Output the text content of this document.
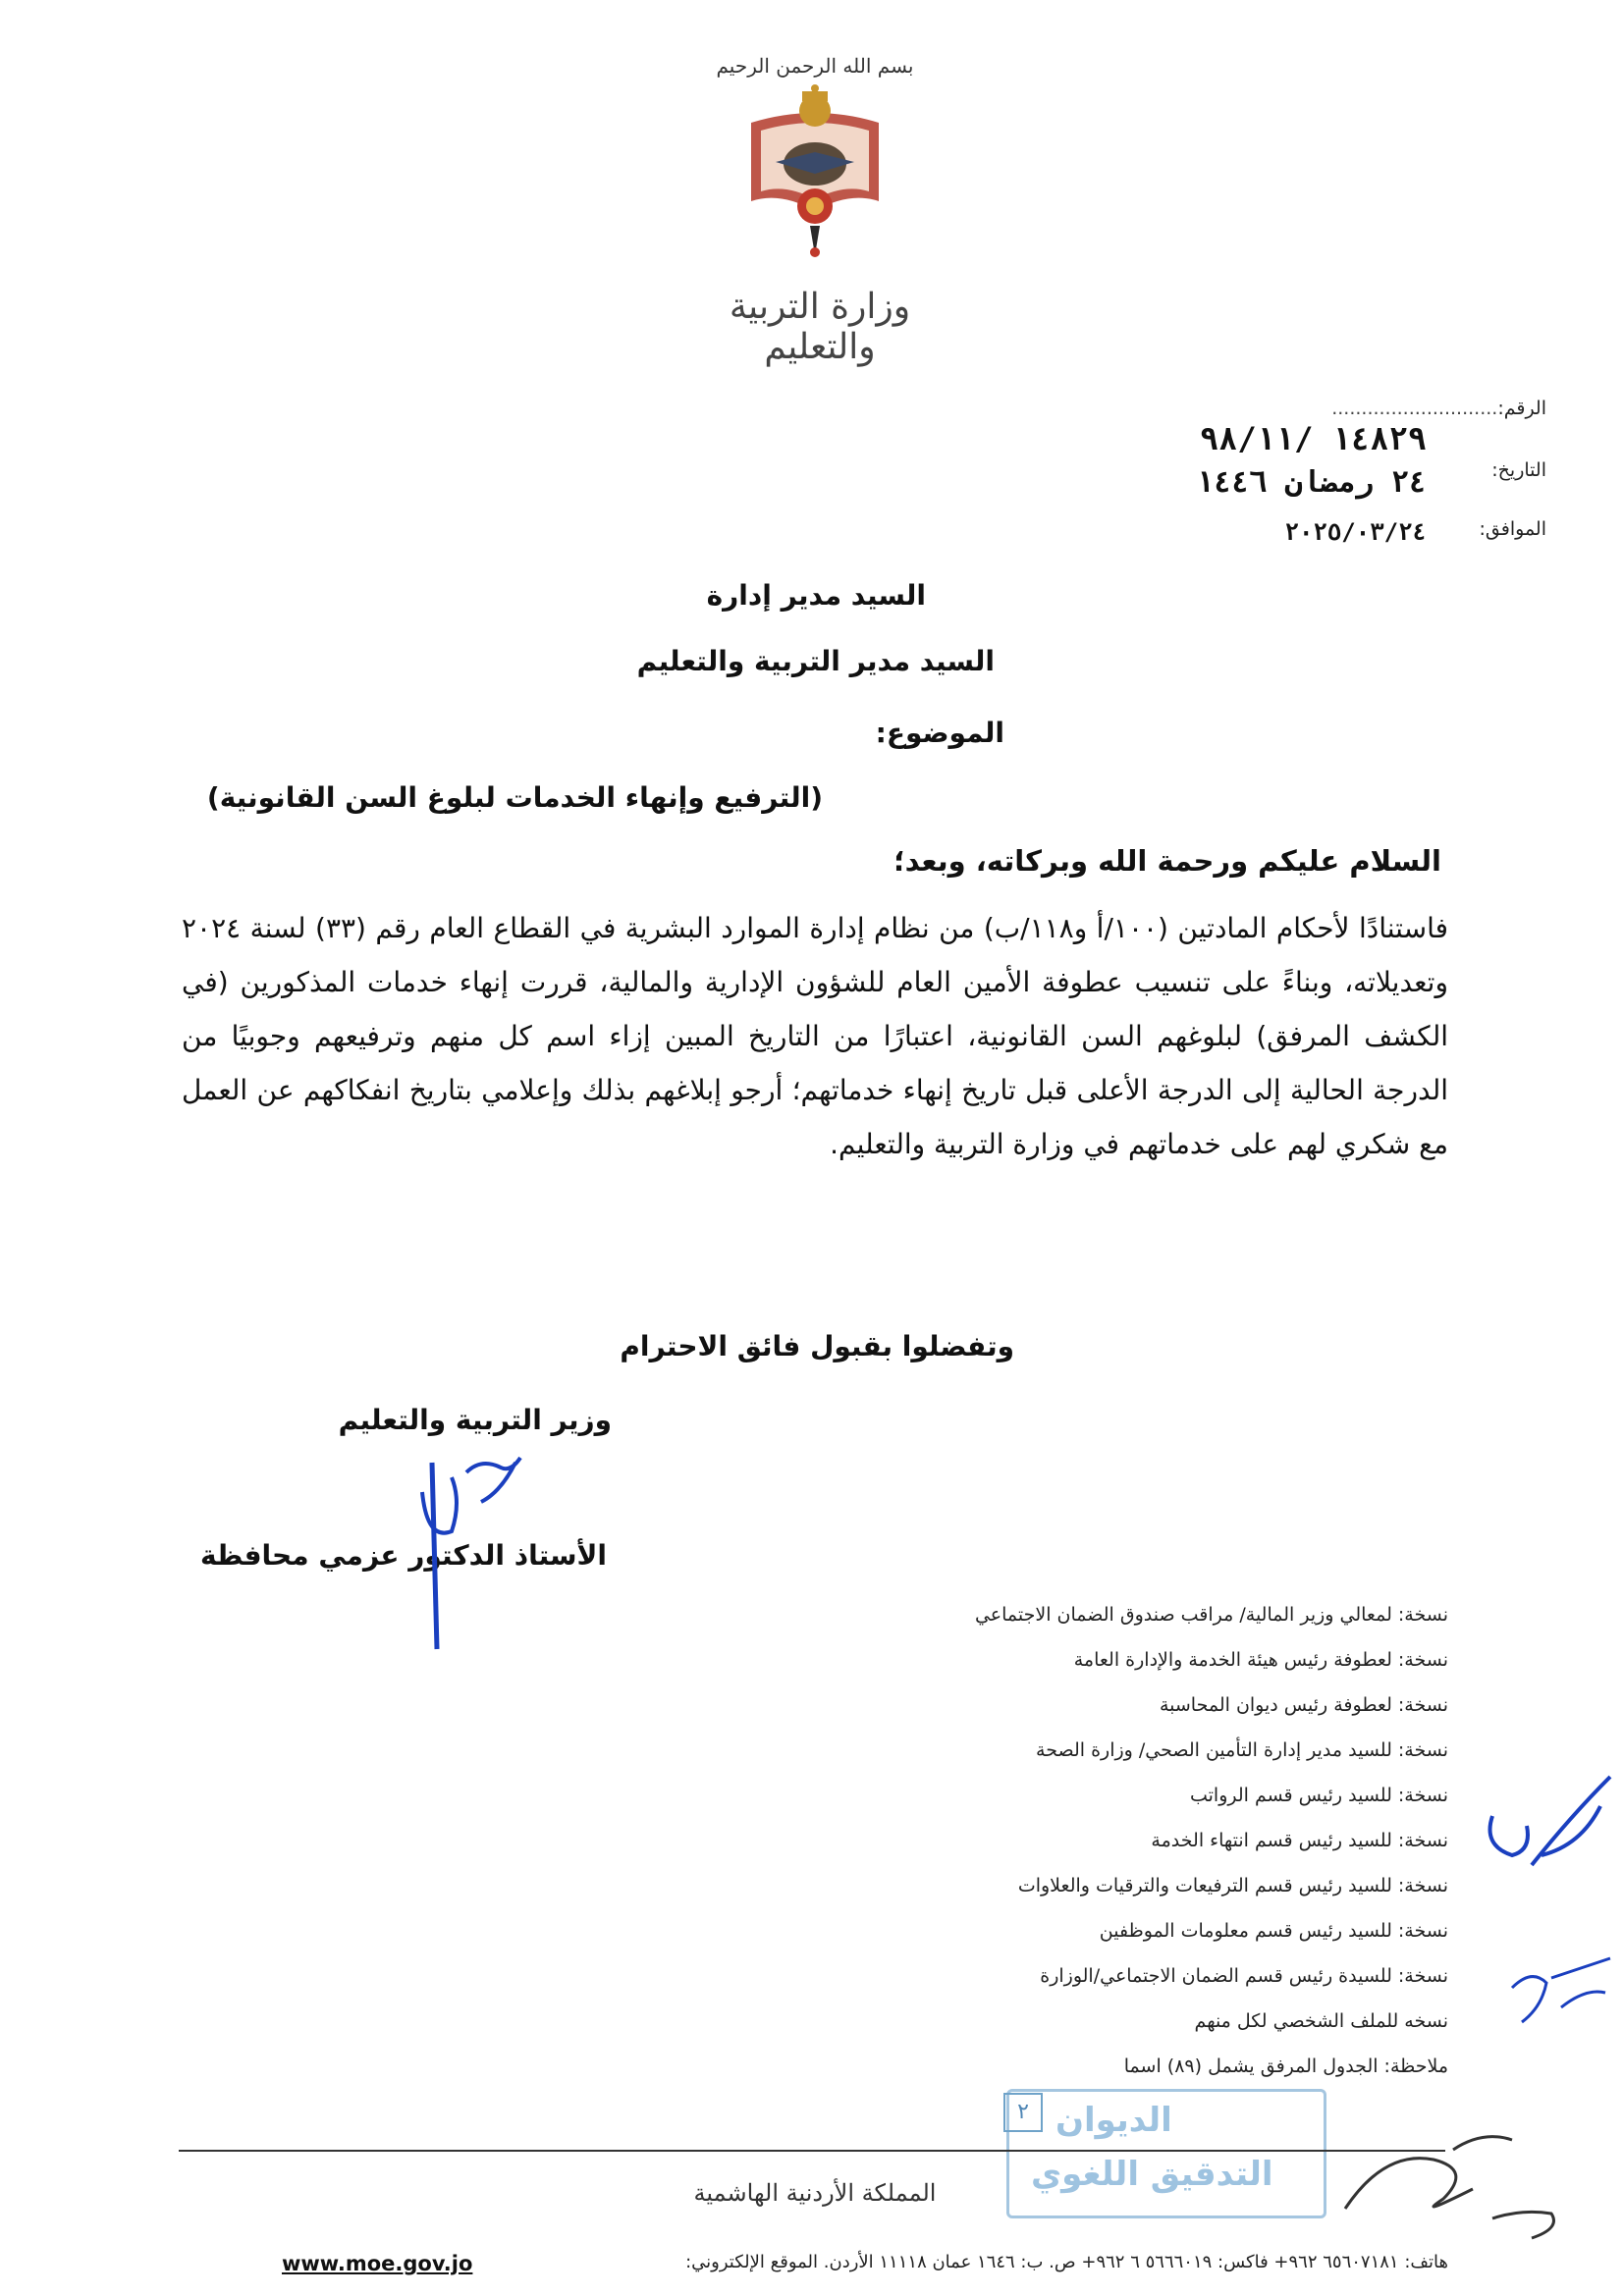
بسم الله الرحمن الرحيم
وزارة التربية والتعليم
الرقم:............................
١٤٨٢٩ /٩٨/١١
التاريخ:
٢٤ رمضان ١٤٤٦
الموافق:
٢٠٢٥/٠٣/٢٤
السيد مدير إدارة
السيد مدير التربية والتعليم
الموضوع:
(الترفيع وإنهاء الخدمات لبلوغ السن القانونية)
السلام عليكم ورحمة الله وبركاته، وبعد؛
فاستنادًا لأحكام المادتين (١٠٠/أ و١١٨/ب) من نظام إدارة الموارد البشرية في القطاع العام رقم (٣٣) لسنة ٢٠٢٤ وتعديلاته، وبناءً على تنسيب عطوفة الأمين العام للشؤون الإدارية والمالية، قررت إنهاء خدمات المذكورين (في الكشف المرفق) لبلوغهم السن القانونية، اعتبارًا من التاريخ المبين إزاء اسم كل منهم وترفيعهم وجوبيًا من الدرجة الحالية إلى الدرجة الأعلى قبل تاريخ إنهاء خدماتهم؛ أرجو إبلاغهم بذلك وإعلامي بتاريخ انفكاكهم عن العمل مع شكري لهم على خدماتهم في وزارة التربية والتعليم.
وتفضلوا بقبول فائق الاحترام
وزير التربية والتعليم
الأستاذ الدكتور عزمي محافظة
نسخة: لمعالي وزير المالية/ مراقب صندوق الضمان الاجتماعي
نسخة: لعطوفة رئيس هيئة الخدمة والإدارة العامة
نسخة: لعطوفة رئيس ديوان المحاسبة
نسخة: للسيد مدير إدارة التأمين الصحي/ وزارة الصحة
نسخة: للسيد رئيس قسم الرواتب
نسخة: للسيد رئيس قسم انتهاء الخدمة
نسخة: للسيد رئيس قسم الترفيعات والترقيات والعلاوات
نسخة: للسيد رئيس قسم معلومات الموظفين
نسخة: للسيدة رئيس قسم الضمان الاجتماعي/الوزارة
نسخه للملف الشخصي لكل منهم
ملاحظة: الجدول المرفق يشمل (٨٩) اسما
٢ الديوان
التدقيق اللغوي
المملكة الأردنية الهاشمية
هاتف: ٦٥٦٠٧١٨١ ٩٦٢+ فاكس: ٥٦٦٦٠١٩ ٦ ٩٦٢+ ص. ب: ١٦٤٦ عمان ١١١١٨ الأردن. الموقع الإلكتروني:
www.moe.gov.jo
